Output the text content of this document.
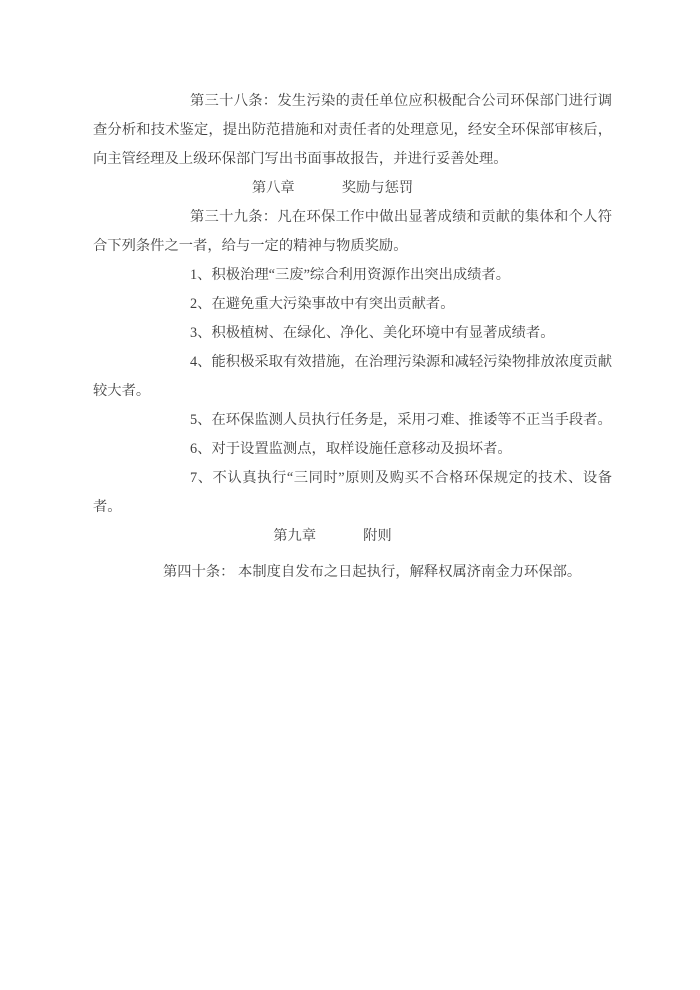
第三十八条：发生污染的责任单位应积极配合公司环保部门进行调查分析和技术鉴定，提出防范措施和对责任者的处理意见，经安全环保部审核后，向主管经理及上级环保部门写出书面事故报告，并进行妥善处理。

第八章	奖励与惩罚

第三十九条：凡在环保工作中做出显著成绩和贡献的集体和个人符合下列条件之一者，给与一定的精神与物质奖励。

1、积极治理“三废”综合利用资源作出突出成绩者。

2、在避免重大污染事故中有突出贡献者。

3、积极植树、在绿化、净化、美化环境中有显著成绩者。

4、能积极采取有效措施，在治理污染源和减轻污染物排放浓度贡献较大者。

5、在环保监测人员执行任务是，采用刁难、推诿等不正当手段者。

6、对于设置监测点，取样设施任意移动及损坏者。

7、不认真执行“三同时”原则及购买不合格环保规定的技术、设备者。

第九章	附则

第四十条： 本制度自发布之日起执行，解释权属济南金力环保部。
